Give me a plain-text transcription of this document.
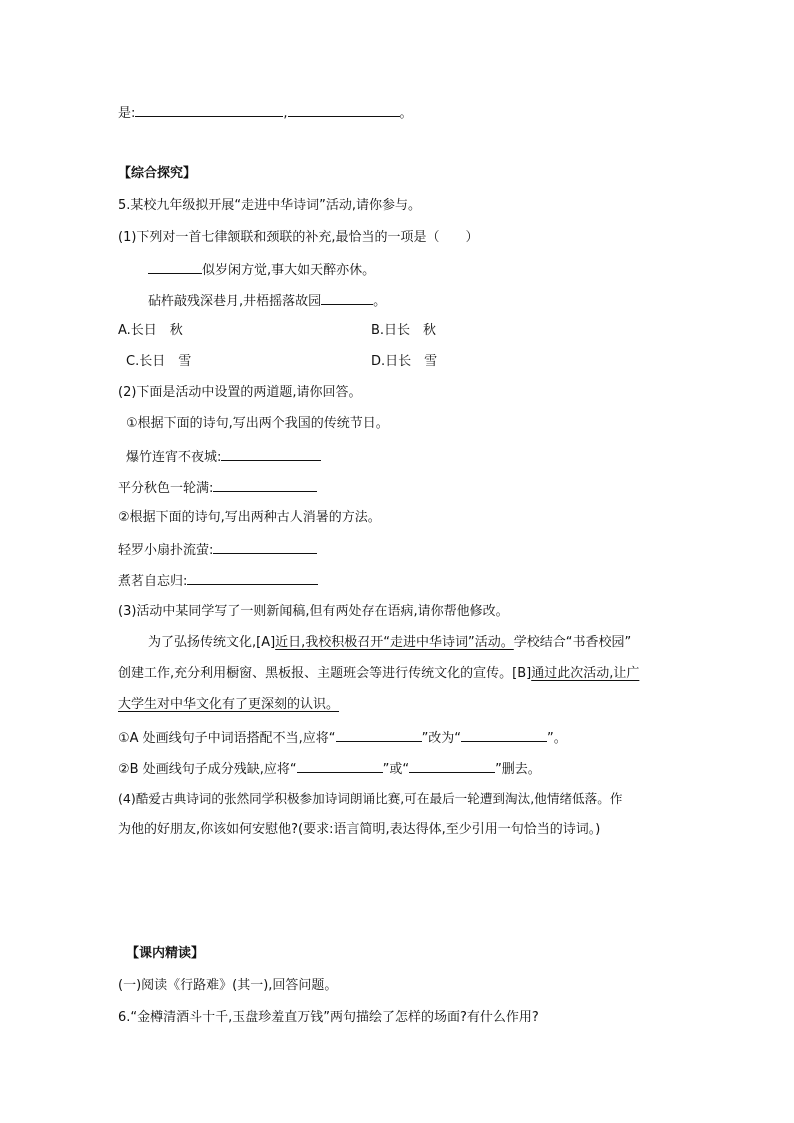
是:	,	。
【综合探究】
5.某校九年级拟开展“走进中华诗词”活动,请你参与。
(1)下列对一首七律颔联和颈联的补充,最恰当的一项是（　　）
似岁闲方觉,事大如天醉亦休。
砧杵敲残深巷月,井梧摇落故园	。
A.长日　秋	B.日长　秋
C.长日　雪	D.日长　雪
(2)下面是活动中设置的两道题,请你回答。
①根据下面的诗句,写出两个我国的传统节日。
爆竹连宵不夜城:
平分秋色一轮满:
②根据下面的诗句,写出两种古人消暑的方法。
轻罗小扇扑流萤:
煮茗自忘归:
(3)活动中某同学写了一则新闻稿,但有两处存在语病,请你帮他修改。
为了弘扬传统文化,[A]近日,我校积极召开“走进中华诗词”活动。学校结合“书香校园”
创建工作,充分利用橱窗、黑板报、主题班会等进行传统文化的宣传。[B]通过此次活动,让广
大学生对中华文化有了更深刻的认识。
①A 处画线句子中词语搭配不当,应将“	”改为“	”。
②B 处画线句子成分残缺,应将“	”或“	”删去。
(4)酷爱古典诗词的张然同学积极参加诗词朗诵比赛,可在最后一轮遭到淘汰,他情绪低落。作
为他的好朋友,你该如何安慰他?(要求:语言简明,表达得体,至少引用一句恰当的诗词。)
【课内精读】
(一)阅读《行路难》(其一),回答问题。
6.“金樽清酒斗十千,玉盘珍羞直万钱”两句描绘了怎样的场面?有什么作用?
